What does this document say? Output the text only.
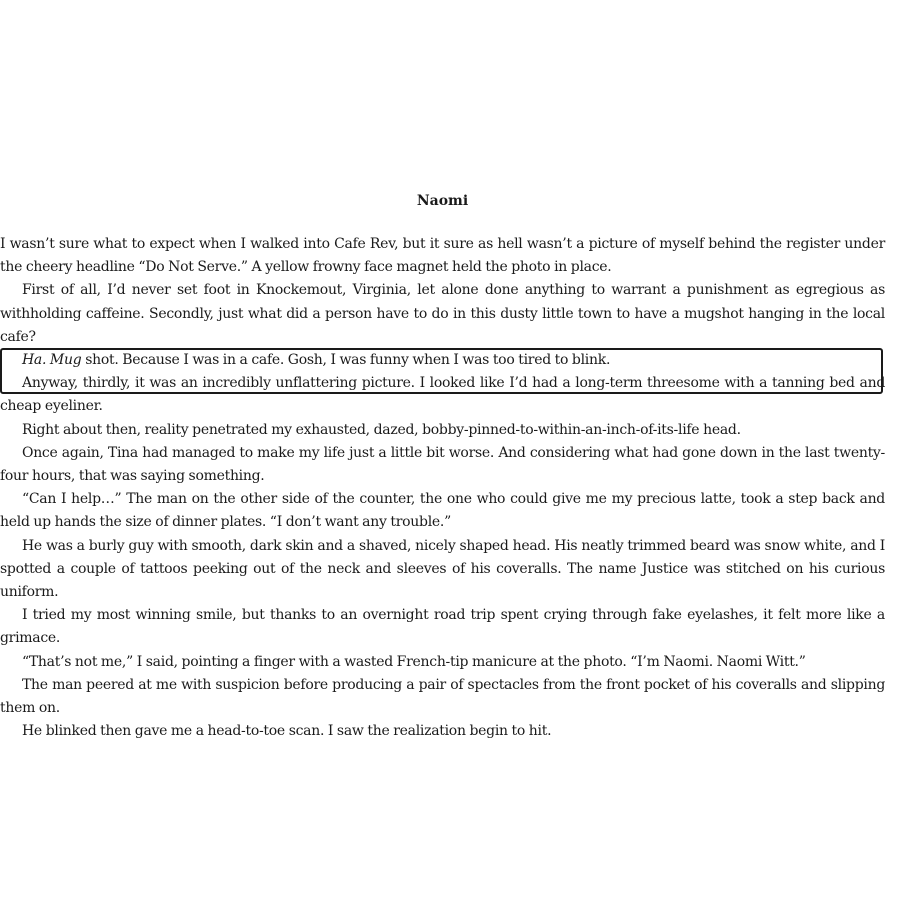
Naomi

I wasn’t sure what to expect when I walked into Cafe Rev, but it sure as hell wasn’t a picture of myself behind the register under the cheery headline “Do Not Serve.” A yellow frowny face magnet held the photo in place.

First of all, I’d never set foot in Knockemout, Virginia, let alone done anything to warrant a punishment as egregious as withholding caffeine. Secondly, just what did a person have to do in this dusty little town to have a mugshot hanging in the local cafe?

Ha. Mug shot. Because I was in a cafe. Gosh, I was funny when I was too tired to blink.

Anyway, thirdly, it was an incredibly unflattering picture. I looked like I’d had a long-term threesome with a tanning bed and cheap eyeliner.

Right about then, reality penetrated my exhausted, dazed, bobby-pinned-to-within-an-inch-of-its-life head.

Once again, Tina had managed to make my life just a little bit worse. And considering what had gone down in the last twenty-four hours, that was saying something.

“Can I help…” The man on the other side of the counter, the one who could give me my precious latte, took a step back and held up hands the size of dinner plates. “I don’t want any trouble.”

He was a burly guy with smooth, dark skin and a shaved, nicely shaped head. His neatly trimmed beard was snow white, and I spotted a couple of tattoos peeking out of the neck and sleeves of his coveralls. The name Justice was stitched on his curious uniform.

I tried my most winning smile, but thanks to an overnight road trip spent crying through fake eyelashes, it felt more like a grimace.

“That’s not me,” I said, pointing a finger with a wasted French-tip manicure at the photo. “I’m Naomi. Naomi Witt.”

The man peered at me with suspicion before producing a pair of spectacles from the front pocket of his coveralls and slipping them on.

He blinked then gave me a head-to-toe scan. I saw the realization begin to hit.
